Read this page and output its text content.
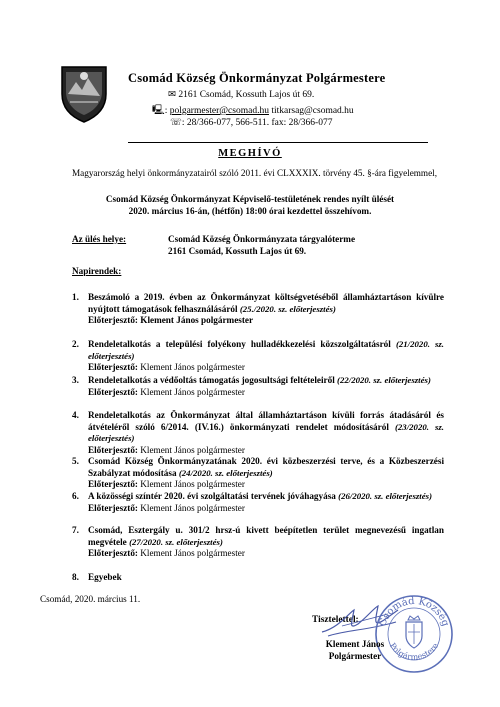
Csomád Község Önkormányzat Polgármestere
✉ 2161 Csomád, Kossuth Lajos út 69.
🖳: polgarmester@csomad.hu titkarsag@csomad.hu
☏: 28/366-077, 566-511. fax: 28/366-077
MEGHÍVÓ
Magyarország helyi önkormányzatairól szóló 2011. évi CLXXXIX. törvény 45. §-ára figyelemmel,
Csomád Község Önkormányzat Képviselő-testületének rendes nyílt ülését
2020. március 16-án, (hétfőn) 18:00 órai kezdettel összehívom.
Az ülés helye:	Csomád Község Önkormányzata tárgyalóterme
2161 Csomád, Kossuth Lajos út 69.
Napirendek:
1. Beszámoló a 2019. évben az Önkormányzat költségvetéséből államháztartáson kívülre nyújtott támogatások felhasználásáról (25./2020. sz. előterjesztés)
Előterjesztő: Klement János polgármester
2. Rendeletalkotás a települési folyékony hulladékkezelési közszolgáltatásról (21/2020. sz. előterjesztés)
Előterjesztő: Klement János polgármester
3. Rendeletalkotás a védőoltás támogatás jogosultsági feltételeiről (22/2020. sz. előterjesztés)
Előterjesztő: Klement János polgármester
4. Rendeletalkotás az Önkormányzat által államháztartáson kívüli forrás átadásáról és átvételéről szóló 6/2014. (IV.16.) önkormányzati rendelet módosításáról (23/2020. sz. előterjesztés)
Előterjesztő: Klement János polgármester
5. Csomád Község Önkormányzatának 2020. évi közbeszerzési terve, és a Közbeszerzési Szabályzat módosítása (24/2020. sz. előterjesztés)
Előterjesztő: Klement János polgármester
6. A közösségi színtér 2020. évi szolgáltatási tervének jóváhagyása (26/2020. sz. előterjesztés)
Előterjesztő: Klement János polgármester
7. Csomád, Esztergály u. 301/2 hrsz-ú kivett beépítetlen terület megnevezésű ingatlan megvétele (27/2020. sz. előterjesztés)
Előterjesztő: Klement János polgármester
8. Egyebek
Csomád, 2020. március 11.
Tisztelettel: Csomád Község
Polgármestere
Klement János
Polgármester
